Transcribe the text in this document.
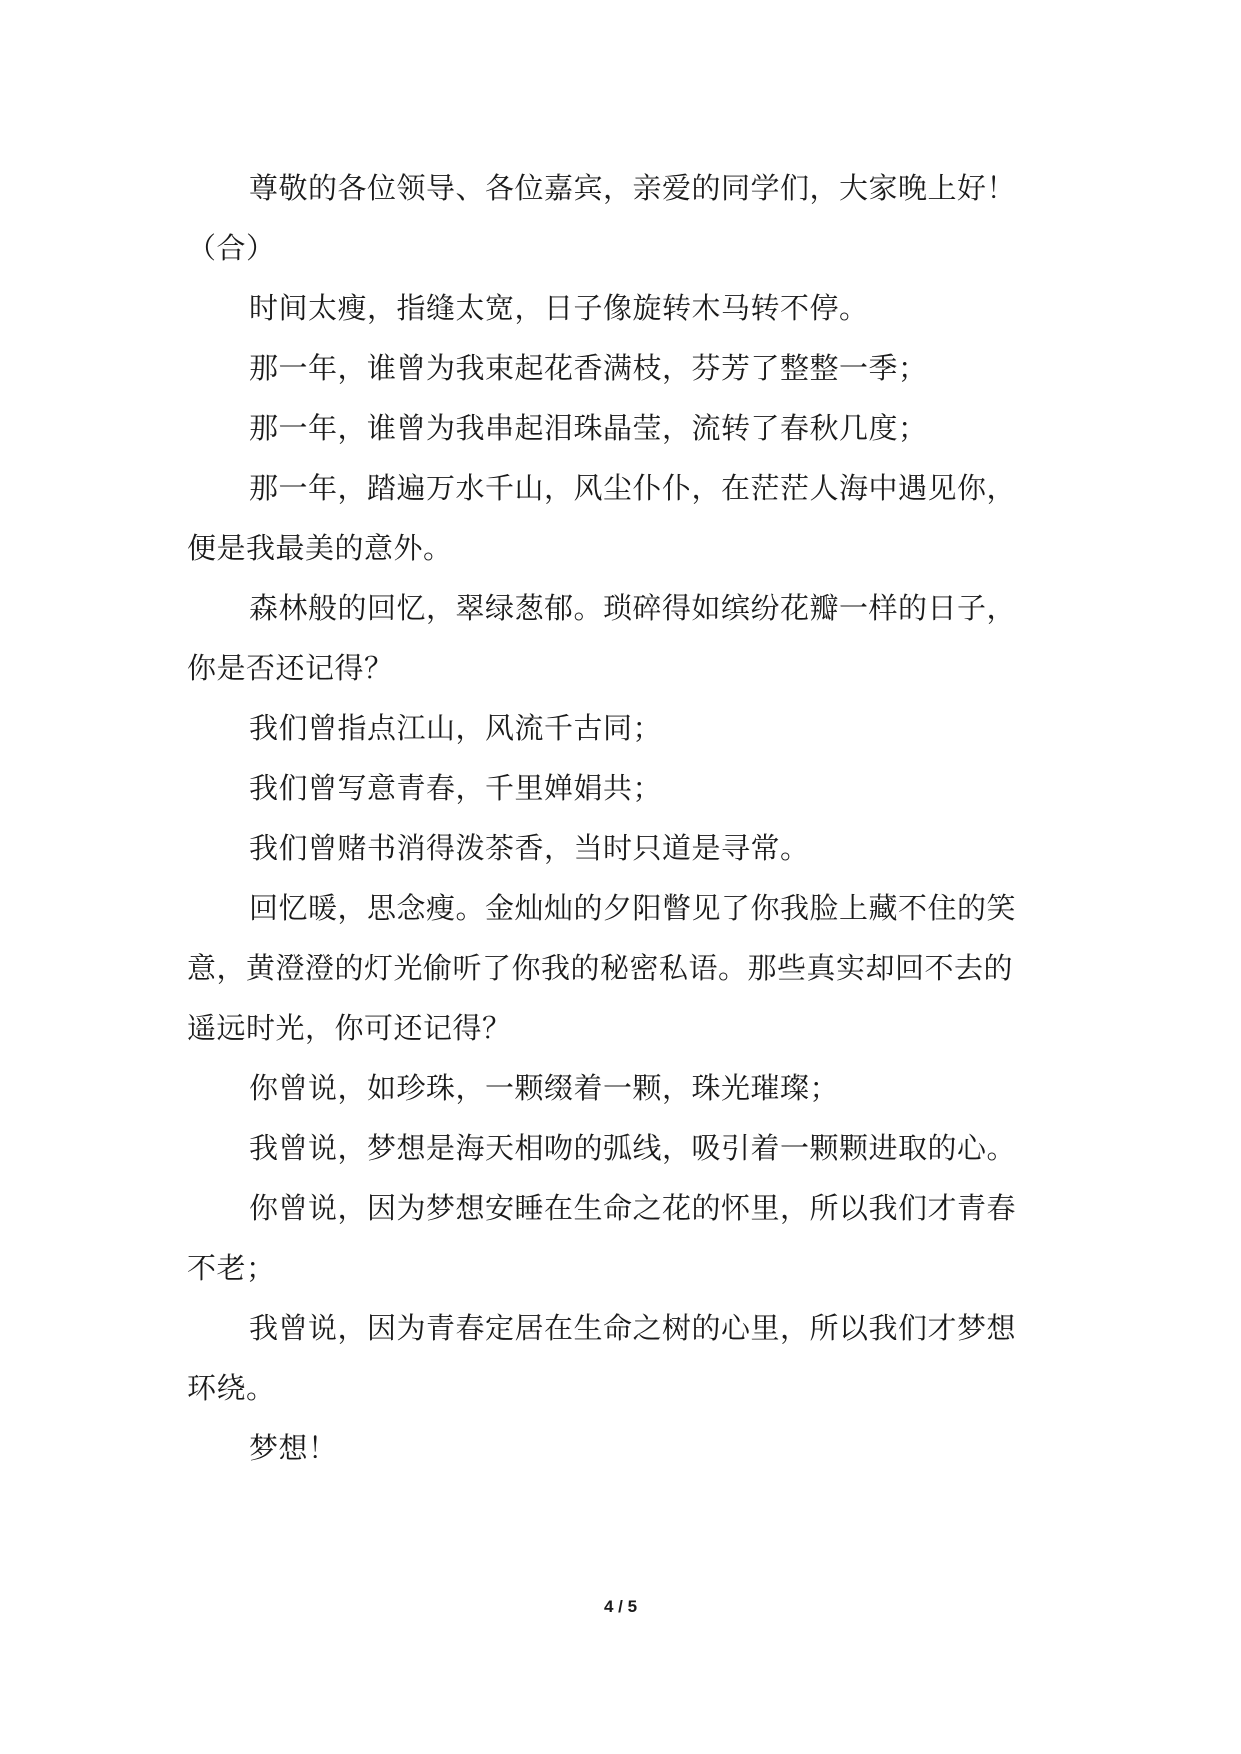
尊敬的各位领导、各位嘉宾，亲爱的同学们，大家晚上好！

（合）

时间太瘦，指缝太宽，日子像旋转木马转不停。

那一年，谁曾为我束起花香满枝，芬芳了整整一季；

那一年，谁曾为我串起泪珠晶莹，流转了春秋几度；

那一年，踏遍万水千山，风尘仆仆，在茫茫人海中遇见你，

便是我最美的意外。

森林般的回忆，翠绿葱郁。琐碎得如缤纷花瓣一样的日子，

你是否还记得？

我们曾指点江山，风流千古同；

我们曾写意青春，千里婵娟共；

我们曾赌书消得泼茶香，当时只道是寻常。

回忆暖，思念瘦。金灿灿的夕阳瞥见了你我脸上藏不住的笑

意，黄澄澄的灯光偷听了你我的秘密私语。那些真实却回不去的

遥远时光，你可还记得？

你曾说，如珍珠，一颗缀着一颗，珠光璀璨；

我曾说，梦想是海天相吻的弧线，吸引着一颗颗进取的心。

你曾说，因为梦想安睡在生命之花的怀里，所以我们才青春

不老；

我曾说，因为青春定居在生命之树的心里，所以我们才梦想

环绕。

梦想！

4 / 5
